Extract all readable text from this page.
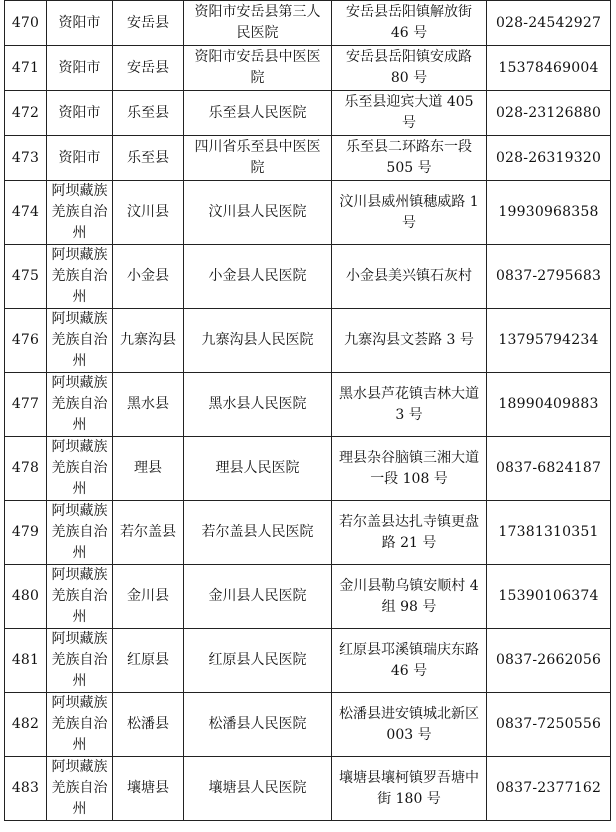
470	资阳市	安岳县	资阳市安岳县第三人民医院	安岳县岳阳镇解放街 46 号	028-24542927
471	资阳市	安岳县	资阳市安岳县中医医院	安岳县岳阳镇安成路 80 号	15378469004
472	资阳市	乐至县	乐至县人民医院	乐至县迎宾大道 405 号	028-23126880
473	资阳市	乐至县	四川省乐至县中医医院	乐至县二环路东一段 505 号	028-26319320
474	阿坝藏族羌族自治州	汶川县	汶川县人民医院	汶川县威州镇穗威路 1 号	19930968358
475	阿坝藏族羌族自治州	小金县	小金县人民医院	小金县美兴镇石灰村	0837-2795683
476	阿坝藏族羌族自治州	九寨沟县	九寨沟县人民医院	九寨沟县文荟路 3 号	13795794234
477	阿坝藏族羌族自治州	黑水县	黑水县人民医院	黑水县芦花镇吉林大道 3 号	18990409883
478	阿坝藏族羌族自治州	理县	理县人民医院	理县杂谷脑镇三湘大道一段 108 号	0837-6824187
479	阿坝藏族羌族自治州	若尔盖县	若尔盖县人民医院	若尔盖县达扎寺镇更盘路 21 号	17381310351
480	阿坝藏族羌族自治州	金川县	金川县人民医院	金川县勒乌镇安顺村 4 组 98 号	15390106374
481	阿坝藏族羌族自治州	红原县	红原县人民医院	红原县邛溪镇瑞庆东路 46 号	0837-2662056
482	阿坝藏族羌族自治州	松潘县	松潘县人民医院	松潘县进安镇城北新区 003 号	0837-7250556
483	阿坝藏族羌族自治州	壤塘县	壤塘县人民医院	壤塘县壤柯镇罗吾塘中街 180 号	0837-2377162
